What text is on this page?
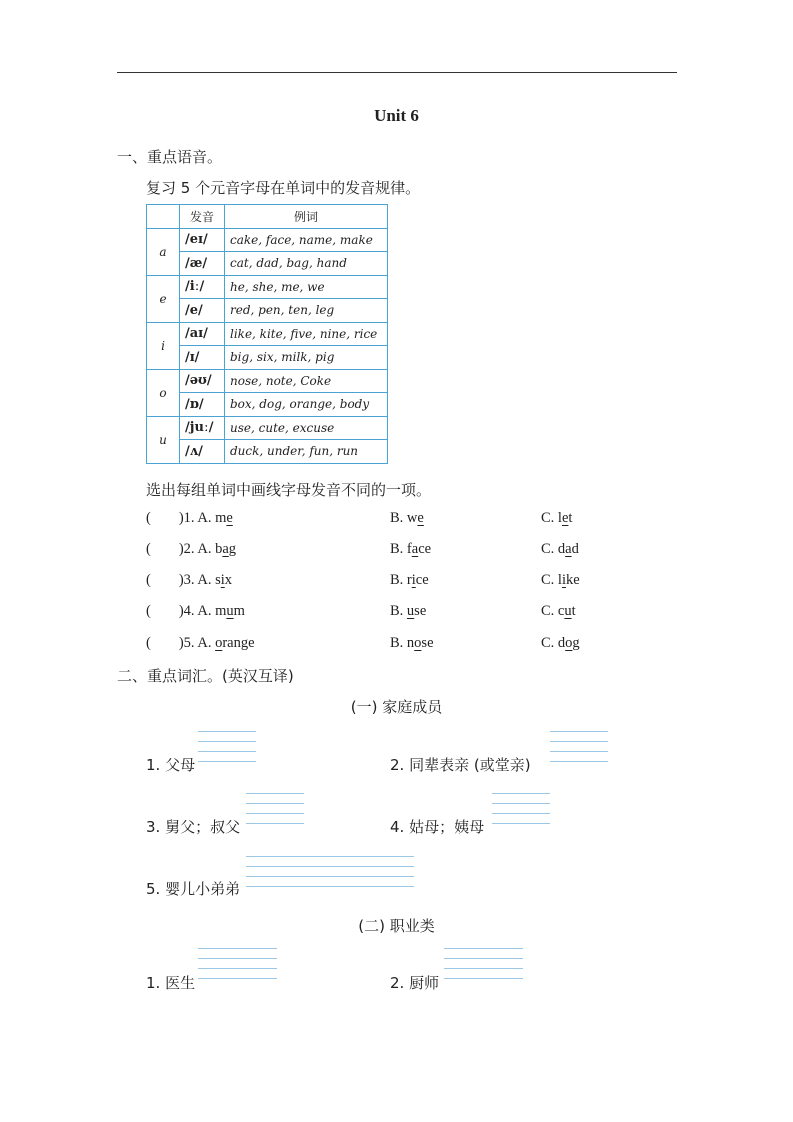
Unit 6
一、重点语音。
复习 5 个元音字母在单词中的发音规律。
	发音	例词
a	/eɪ/	cake, face, name, make
	/æ/	cat, dad, bag, hand
e	/iː/	he, she, me, we
	/e/	red, pen, ten, leg
i	/aɪ/	like, kite, five, nine, rice
	/ɪ/	big, six, milk, pig
o	/əʊ/	nose, note, Coke
	/ɒ/	box, dog, orange, body
u	/juː/	use, cute, excuse
	/ʌ/	duck, under, fun, run
选出每组单词中画线字母发音不同的一项。
( )1. A. me	B. we	C. let
( )2. A. bag	B. face	C. dad
( )3. A. six	B. rice	C. like
( )4. A. mum	B. use	C. cut
( )5. A. orange	B. nose	C. dog
二、重点词汇。(英汉互译)
(一) 家庭成员
1. 父母	2. 同辈表亲 (或堂亲)
3. 舅父；叔父	4. 姑母；姨母
5. 婴儿小弟弟
(二) 职业类
1. 医生	2. 厨师
